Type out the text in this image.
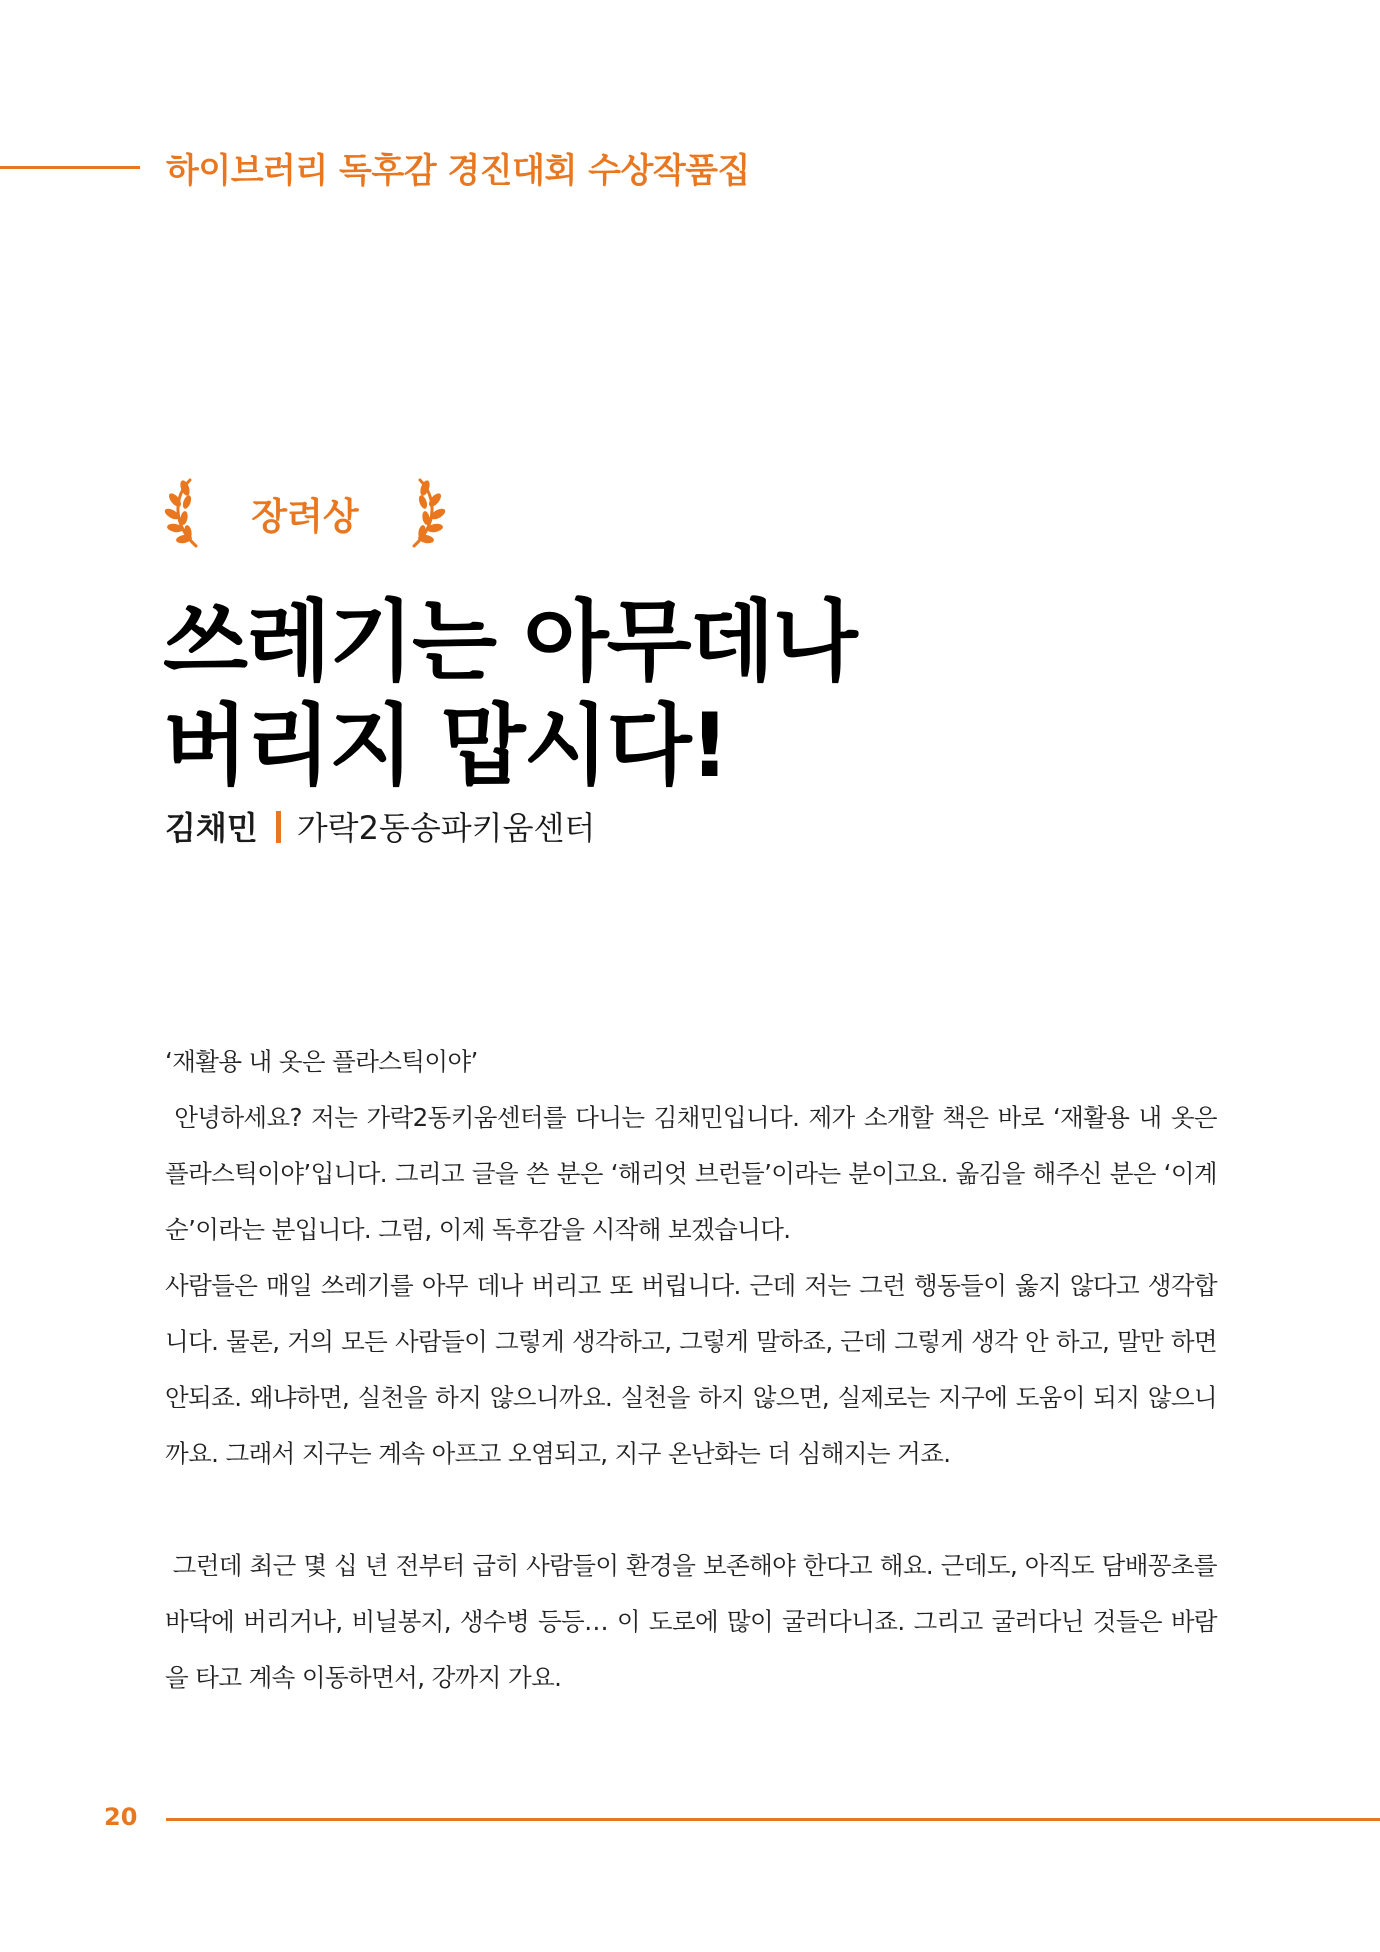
하이브러리 독후감 경진대회 수상작품집
장려상
쓰레기는 아무데나
버리지 맙시다!
김채민 가락2동송파키움센터

‘재활용 내 옷은 플라스틱이야’

안녕하세요? 저는 가락2동키움센터를 다니는 김채민입니다. 제가 소개할 책은 바로 ‘재활용 내 옷은 플라스틱이야’입니다. 그리고 글을 쓴 분은 ‘해리엇 브런들’이라는 분이고요. 옮김을 해주신 분은 ‘이계순’이라는 분입니다. 그럼, 이제 독후감을 시작해 보겠습니다.

사람들은 매일 쓰레기를 아무 데나 버리고 또 버립니다. 근데 저는 그런 행동들이 옳지 않다고 생각합니다. 물론, 거의 모든 사람들이 그렇게 생각하고, 그렇게 말하죠, 근데 그렇게 생각 안 하고, 말만 하면 안되죠. 왜냐하면, 실천을 하지 않으니까요. 실천을 하지 않으면, 실제로는 지구에 도움이 되지 않으니까요. 그래서 지구는 계속 아프고 오염되고, 지구 온난화는 더 심해지는 거죠.

그런데 최근 몇 십 년 전부터 급히 사람들이 환경을 보존해야 한다고 해요. 근데도, 아직도 담배꽁초를 바닥에 버리거나, 비닐봉지, 생수병 등등… 이 도로에 많이 굴러다니죠. 그리고 굴러다닌 것들은 바람을 타고 계속 이동하면서, 강까지 가요.

20
